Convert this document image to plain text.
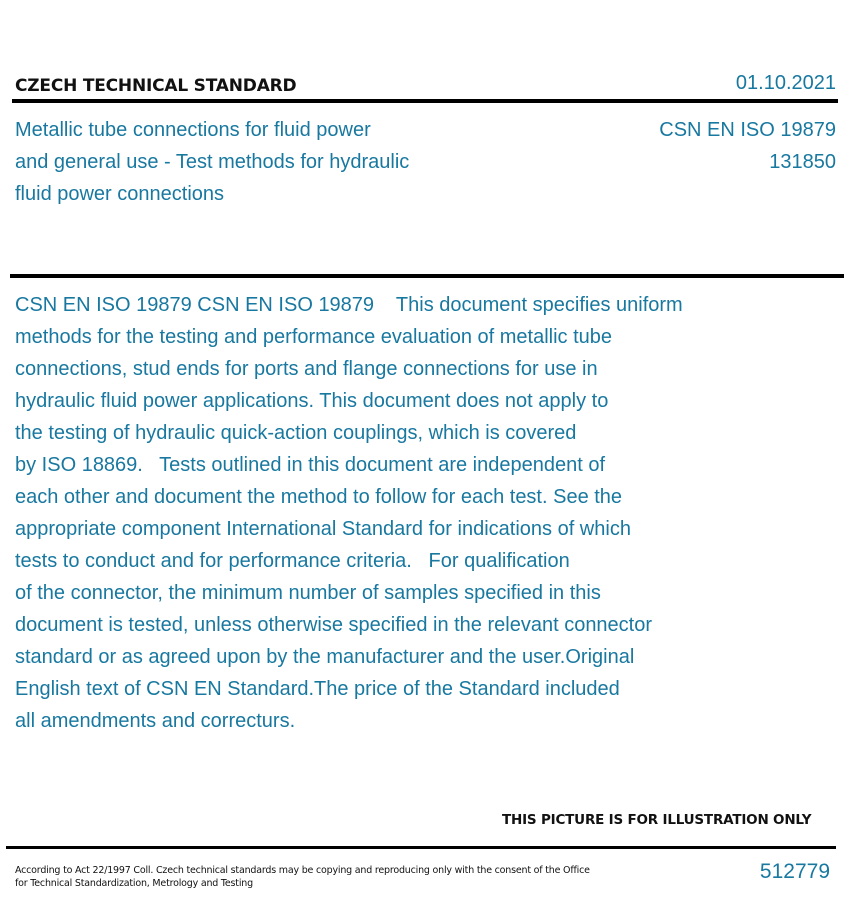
CZECH TECHNICAL STANDARD	01.10.2021
Metallic tube connections for fluid power
and general use - Test methods for hydraulic
fluid power connections
CSN EN ISO 19879
131850
CSN EN ISO 19879 CSN EN ISO 19879    This document specifies uniform
methods for the testing and performance evaluation of metallic tube
connections, stud ends for ports and flange connections for use in
hydraulic fluid power applications. This document does not apply to
the testing of hydraulic quick-action couplings, which is covered
by ISO 18869.   Tests outlined in this document are independent of
each other and document the method to follow for each test. See the
appropriate component International Standard for indications of which
tests to conduct and for performance criteria.   For qualification
of the connector, the minimum number of samples specified in this
document is tested, unless otherwise specified in the relevant connector
standard or as agreed upon by the manufacturer and the user.Original
English text of CSN EN Standard.The price of the Standard included
all amendments and correcturs.
THIS PICTURE IS FOR ILLUSTRATION ONLY
According to Act 22/1997 Coll. Czech technical standards may be copying and reproducing only with the consent of the Office
for Technical Standardization, Metrology and Testing
512779
